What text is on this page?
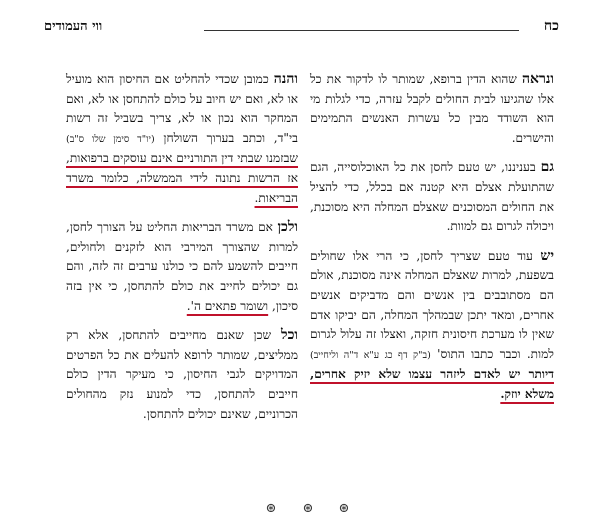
כח
ווי העמודים

ונראה שהוא הדין ברופא, שמותר לו לדקור את כל אלו שהגיעו לבית החולים לקבל עזרה, כדי לגלות מי הוא השודד מבין כל עשרות האנשים התמימים והישרים.

גם בעניננו, יש טעם לחסן את כל האוכלוסייה, הגם שהתועלת אצלם היא קטנה אם בכלל, כדי להציל את החולים המסוכנים שאצלם המחלה היא מסוכנת, ויכולה לגרום גם למוות.

יש עוד טעם שצריך לחסן, כי הרי אלו שחולים בשפעת, למרות שאצלם המחלה אינה מסוכנת, אולם הם מסתובבים בין אנשים והם מדביקים אנשים אחרים, ומאד יתכן שבמהלך המחלה, הם יביקו אדם שאין לו מערכת חיסונית חזקה, ואצלו זה עלול לגרום למות. וכבר כתבו התוס' (ב"ק דף כג ע"א ד"ה וליחייב) דיותר יש לאדם ליזהר עצמו שלא יזיק אחרים, משלא יוזק.

והנה כמובן שכדי להחליט אם החיסון הוא מועיל או לא, ואם יש חיוב על כולם להתחסן או לא, ואם המחקר הוא נכון או לא, צריך בשביל זה רשות בי"ד, וכתב בערוך השולחן (יו"ד סימן שלו ס"ב) שבזמנו שבתי דין התורניים אינם עוסקים ברפואות, אז הרשות נתונה לידי הממשלה, כלומר משרד הבריאות.

ולכן אם משרד הבריאות החליט על הצורך לחסן, למרות שהצורך המירבי הוא לזקנים ולחולים, חייבים להשמע להם כי כולנו ערבים זה לזה, והם גם יכולים לחייב את כולם להתחסן, כי אין בזה סיכון, ושומר פתאים ה'.

וכל שכן שאנם מחייבים להתחסן, אלא רק ממליצים, שמותר לרופא להעלים את כל הפרטים המדויקים לגבי החיסון, כי מעיקר הדין כולם חייבים להתחסן, כדי למנוע נזק מהחולים הכרוניים, שאינם יכולים להתחסן.

⊛ ⊛ ⊛
